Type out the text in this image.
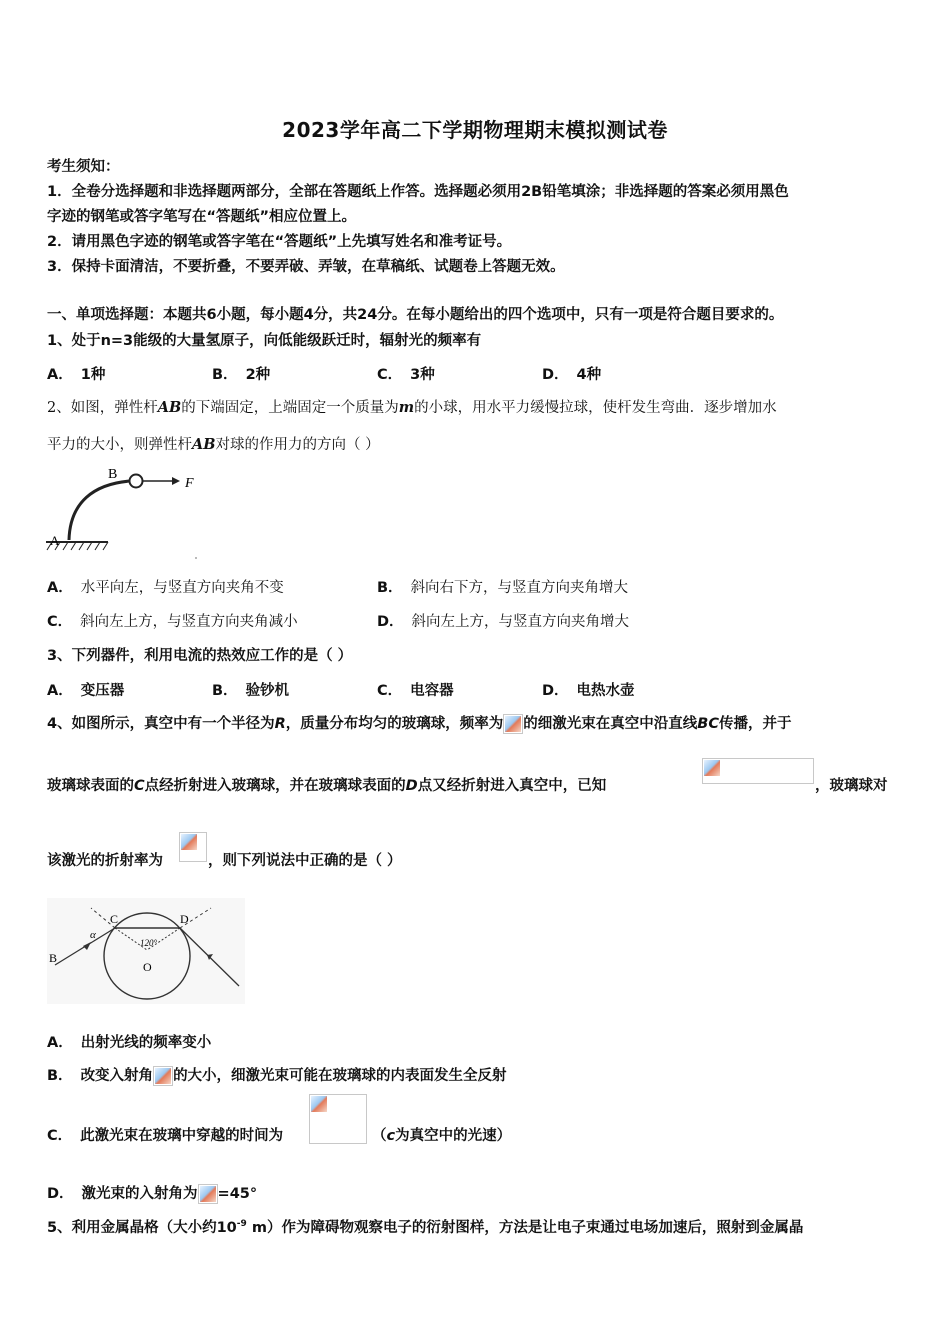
2023学年高二下学期物理期末模拟测试卷
考生须知：
1．全卷分选择题和非选择题两部分，全部在答题纸上作答。选择题必须用2B铅笔填涂；非选择题的答案必须用黑色
字迹的钢笔或答字笔写在“答题纸”相应位置上。
2．请用黑色字迹的钢笔或答字笔在“答题纸”上先填写姓名和准考证号。
3．保持卡面清洁，不要折叠，不要弄破、弄皱，在草稿纸、试题卷上答题无效。
一、单项选择题：本题共6小题，每小题4分，共24分。在每小题给出的四个选项中，只有一项是符合题目要求的。
1、处于n=3能级的大量氢原子，向低能级跃迁时，辐射光的频率有
A． 1种	B． 2种	C． 3种	D． 4种
2、如图，弹性杆AB的下端固定，上端固定一个质量为m的小球，用水平力缓慢拉球，使杆发生弯曲．逐步增加水
平力的大小，则弹性杆AB对球的作用力的方向（ ）
B
F
A
A． 水平向左，与竖直方向夹角不变	B． 斜向右下方，与竖直方向夹角增大
C． 斜向左上方，与竖直方向夹角减小	D． 斜向左上方，与竖直方向夹角增大
3、下列器件，利用电流的热效应工作的是（ ）
A． 变压器	B． 验钞机	C． 电容器	D． 电热水壶
4、如图所示，真空中有一个半径为R，质量分布均匀的玻璃球，频率为 的细激光束在真空中沿直线BC传播，并于
玻璃球表面的C点经折射进入玻璃球，并在玻璃球表面的D点又经折射进入真空中，已知	，玻璃球对
该激光的折射率为	，则下列说法中正确的是（ ）
C	D
B
O
α
120°
A． 出射光线的频率变小
B． 改变入射角 的大小，细激光束可能在玻璃球的内表面发生全反射
C． 此激光束在玻璃中穿越的时间为	（c为真空中的光速）
D． 激光束的入射角为 =45°
5、利用金属晶格（大小约$10^{-9}$ m）作为障碍物观察电子的衍射图样，方法是让电子束通过电场加速后，照射到金属晶
